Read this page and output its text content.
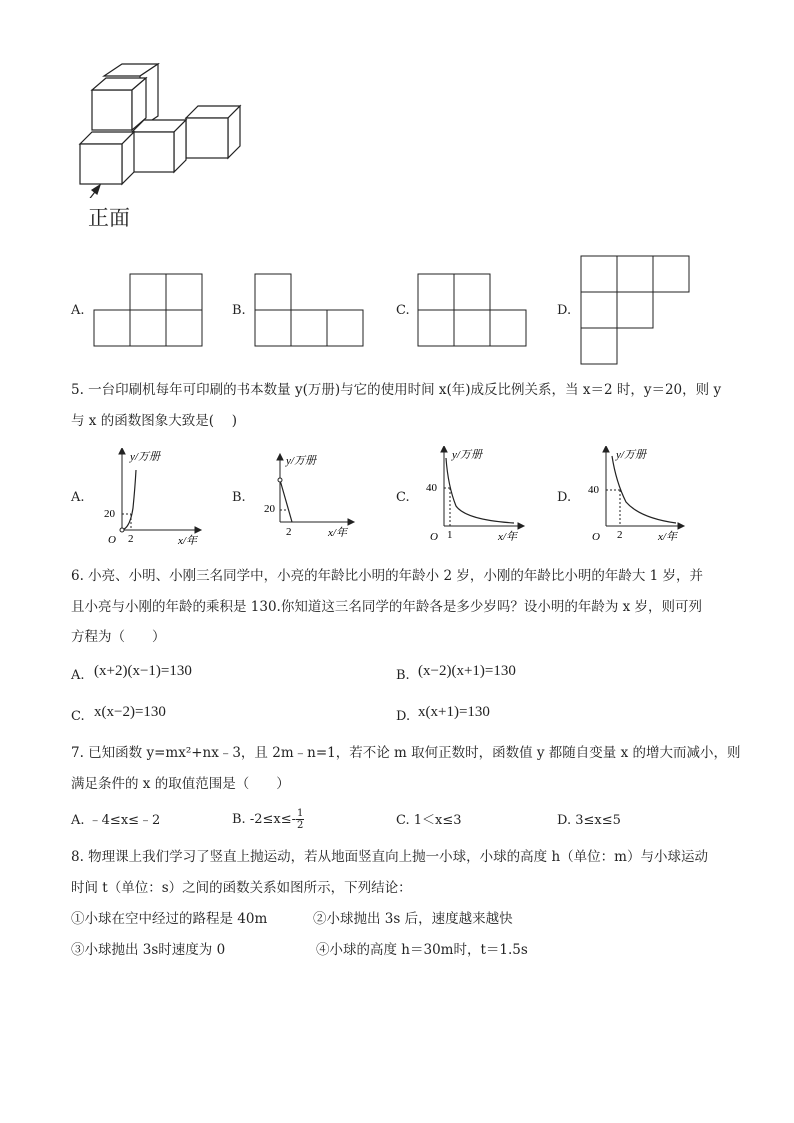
正面
A.	B.	C.	D.
5. 一台印刷机每年可印刷的书本数量 y(万册)与它的使用时间 x(年)成反比例关系，当 x＝2 时，y＝20，则 y
与 x 的函数图象大致是(　 )
A.
y/万册
20
2
O	x/年
B.
y/万册
20
2	x/年
C.
y/万册
40
1
O	x/年
D.
y/万册
40
2
O	x/年
6. 小亮、小明、小刚三名同学中，小亮的年龄比小明的年龄小 2 岁，小刚的年龄比小明的年龄大 1 岁，并
且小亮与小刚的年龄的乘积是 130.你知道这三名同学的年龄各是多少岁吗？设小明的年龄为 x 岁，则可列
方程为（　　）
A. (x+2)(x−1)=130	B. (x−2)(x+1)=130
C. x(x−2)=130	D. x(x+1)=130
7. 已知函数 y=mx²+nx﹣3，且 2m﹣n=1，若不论 m 取何正数时，函数值 y 都随自变量 x 的增大而减小，则
满足条件的 x 的取值范围是（　　）
A. ﹣4≤x≤﹣2	B. $-2\le x\le- \frac{1}{2}$	C. 1＜x≤3	D. 3≤x≤5
8. 物理课上我们学习了竖直上抛运动，若从地面竖直向上抛一小球，小球的高度 h（单位：m）与小球运动
时间 t（单位：s）之间的函数关系如图所示，下列结论：
①小球在空中经过的路程是 40m	②小球抛出 3s 后，速度越来越快
③小球抛出 3s时速度为 0	④小球的高度 h＝30m时，t＝1.5s
